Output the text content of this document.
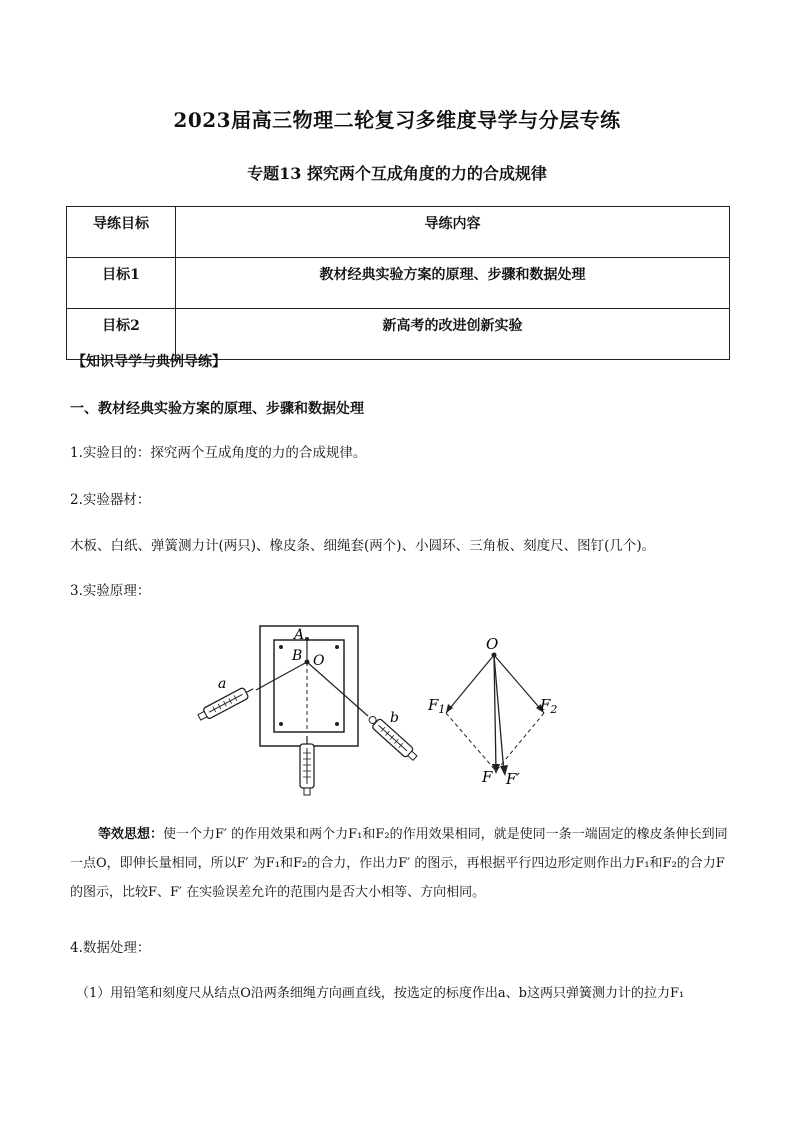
2023届高三物理二轮复习多维度导学与分层专练
专题13 探究两个互成角度的力的合成规律
导练目标	导练内容
目标1	教材经典实验方案的原理、步骤和数据处理
目标2	新高考的改进创新实验
【知识导学与典例导练】
一、教材经典实验方案的原理、步骤和数据处理
1.实验目的：探究两个互成角度的力的合成规律。
2.实验器材：
木板、白纸、弹簧测力计(两只)、橡皮条、细绳套(两个)、小圆环、三角板、刻度尺、图钉(几个)。
3.实验原理：
A
B O
a
b
O
$F_1$	$F_2$
F F′
等效思想：使一个力F′ 的作用效果和两个力F₁和F₂的作用效果相同，就是使同一条一端固定的橡皮条伸长到同一点O，即伸长量相同，所以F′ 为F₁和F₂的合力，作出力F′ 的图示，再根据平行四边形定则作出力F₁和F₂的合力F的图示，比较F、F′ 在实验误差允许的范围内是否大小相等、方向相同。
4.数据处理：
（1）用铅笔和刻度尺从结点O沿两条细绳方向画直线，按选定的标度作出a、b这两只弹簧测力计的拉力F₁
